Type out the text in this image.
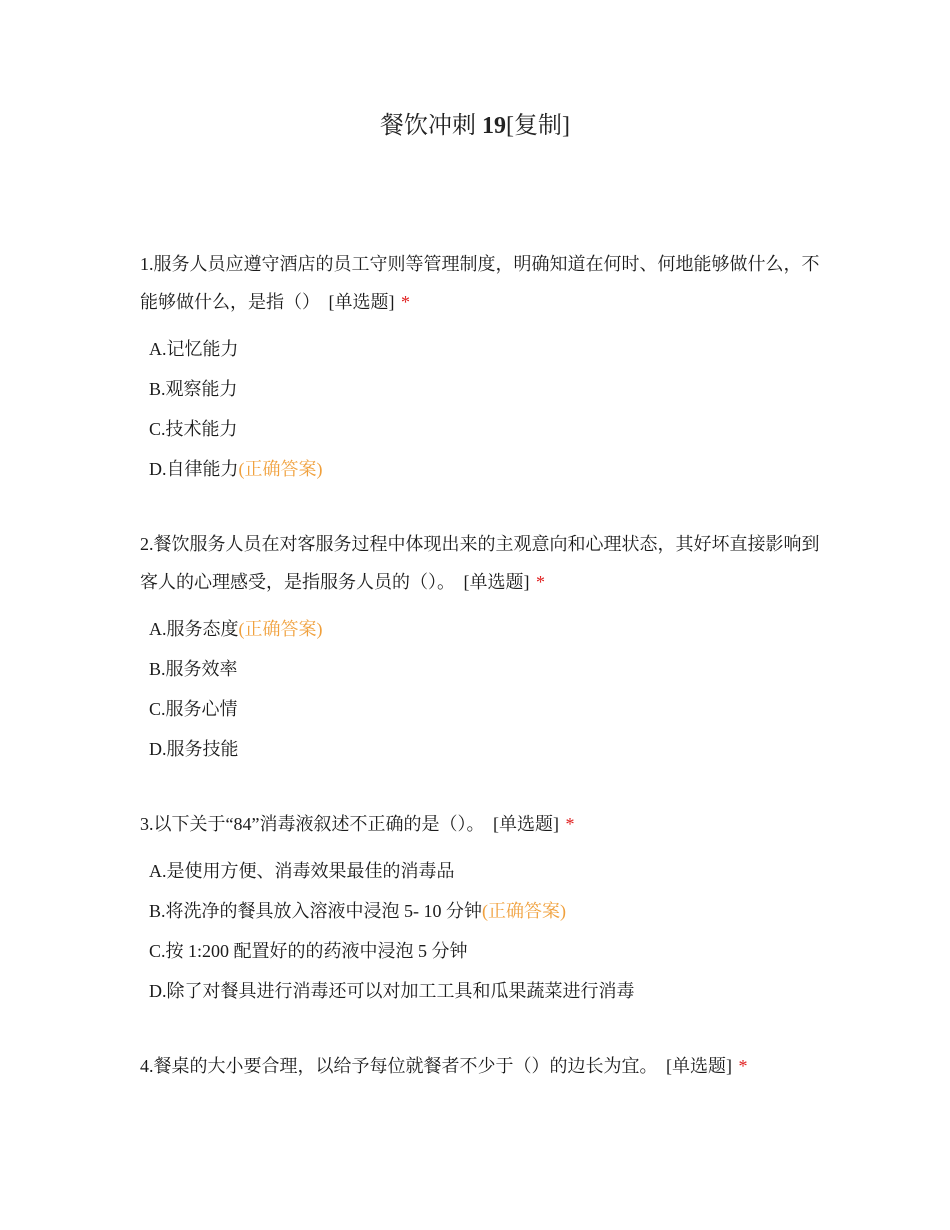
餐饮冲刺 19[复制]

1.服务人员应遵守酒店的员工守则等管理制度，明确知道在何时、何地能够做什么，不能够做什么，是指（） [单选题] *

A.记忆能力
B.观察能力
C.技术能力
D.自律能力(正确答案)

2.餐饮服务人员在对客服务过程中体现出来的主观意向和心理状态，其好坏直接影响到客人的心理感受，是指服务人员的（）。 [单选题] *

A.服务态度(正确答案)
B.服务效率
C.服务心情
D.服务技能

3.以下关于“84”消毒液叙述不正确的是（）。 [单选题] *

A.是使用方便、消毒效果最佳的消毒品
B.将洗净的餐具放入溶液中浸泡 5- 10 分钟(正确答案)
C.按 1:200 配置好的的药液中浸泡 5 分钟
D.除了对餐具进行消毒还可以对加工工具和瓜果蔬菜进行消毒

4.餐桌的大小要合理，以给予每位就餐者不少于（）的边长为宜。 [单选题] *
